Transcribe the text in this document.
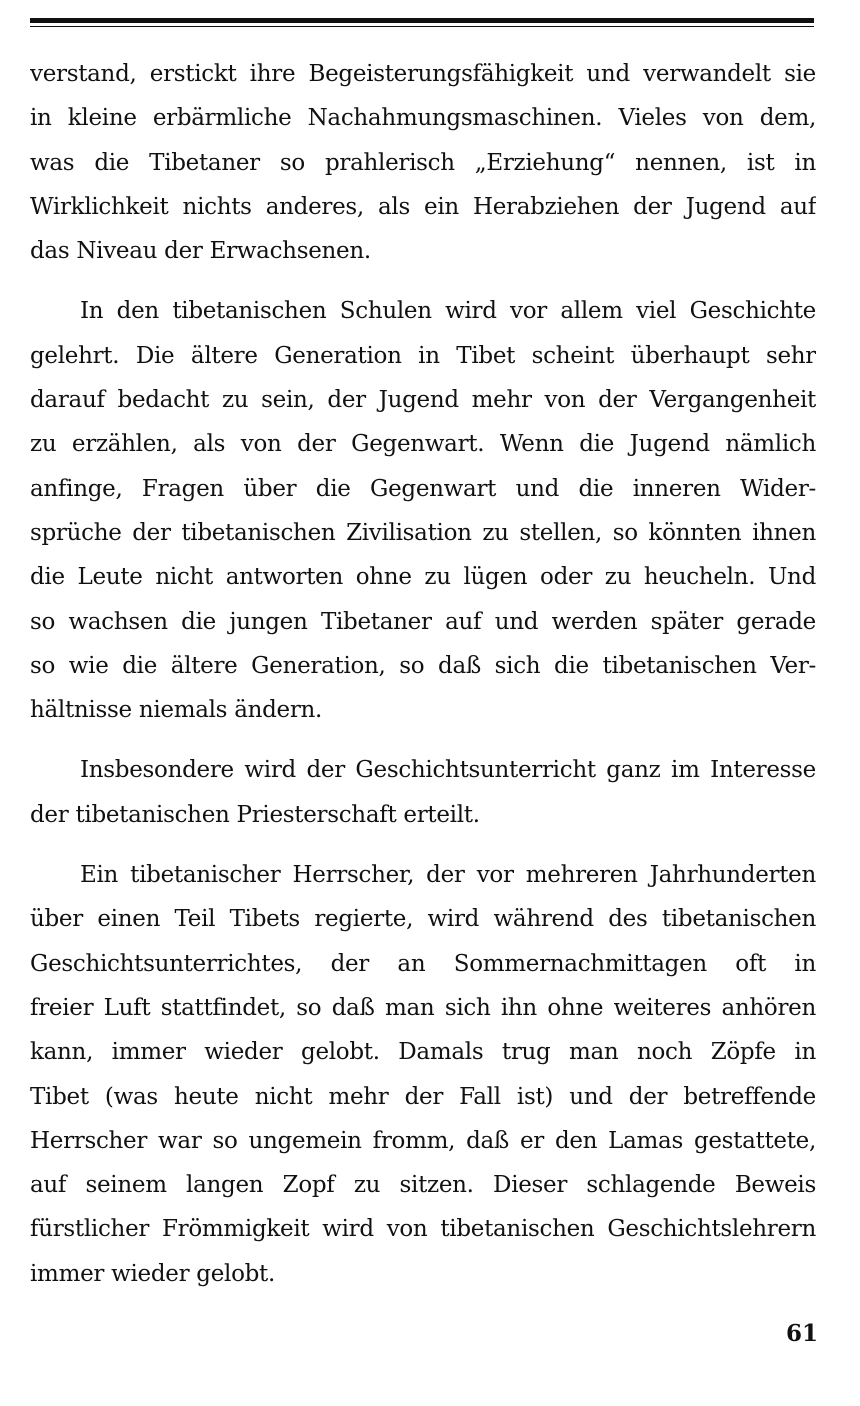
verstand, erstickt ihre Begeisterungsfähigkeit und verwandelt sie
in kleine erbärmliche Nachahmungsmaschinen. Vieles von dem,
was die Tibetaner so prahlerisch „Erziehung“ nennen, ist in
Wirklichkeit nichts anderes, als ein Herabziehen der Jugend auf
das Niveau der Erwachsenen.
In den tibetanischen Schulen wird vor allem viel Geschichte
gelehrt. Die ältere Generation in Tibet scheint überhaupt sehr
darauf bedacht zu sein, der Jugend mehr von der Vergangenheit
zu erzählen, als von der Gegenwart. Wenn die Jugend nämlich
anfinge, Fragen über die Gegenwart und die inneren Wider-
sprüche der tibetanischen Zivilisation zu stellen, so könnten ihnen
die Leute nicht antworten ohne zu lügen oder zu heucheln. Und
so wachsen die jungen Tibetaner auf und werden später gerade
so wie die ältere Generation, so daß sich die tibetanischen Ver-
hältnisse niemals ändern.
Insbesondere wird der Geschichtsunterricht ganz im Interesse
der tibetanischen Priesterschaft erteilt.
Ein tibetanischer Herrscher, der vor mehreren Jahrhunderten
über einen Teil Tibets regierte, wird während des tibetanischen
Geschichtsunterrichtes, der an Sommernachmittagen oft in
freier Luft stattfindet, so daß man sich ihn ohne weiteres anhören
kann, immer wieder gelobt. Damals trug man noch Zöpfe in
Tibet (was heute nicht mehr der Fall ist) und der betreffende
Herrscher war so ungemein fromm, daß er den Lamas gestattete,
auf seinem langen Zopf zu sitzen. Dieser schlagende Beweis
fürstlicher Frömmigkeit wird von tibetanischen Geschichtslehrern
immer wieder gelobt.
61
